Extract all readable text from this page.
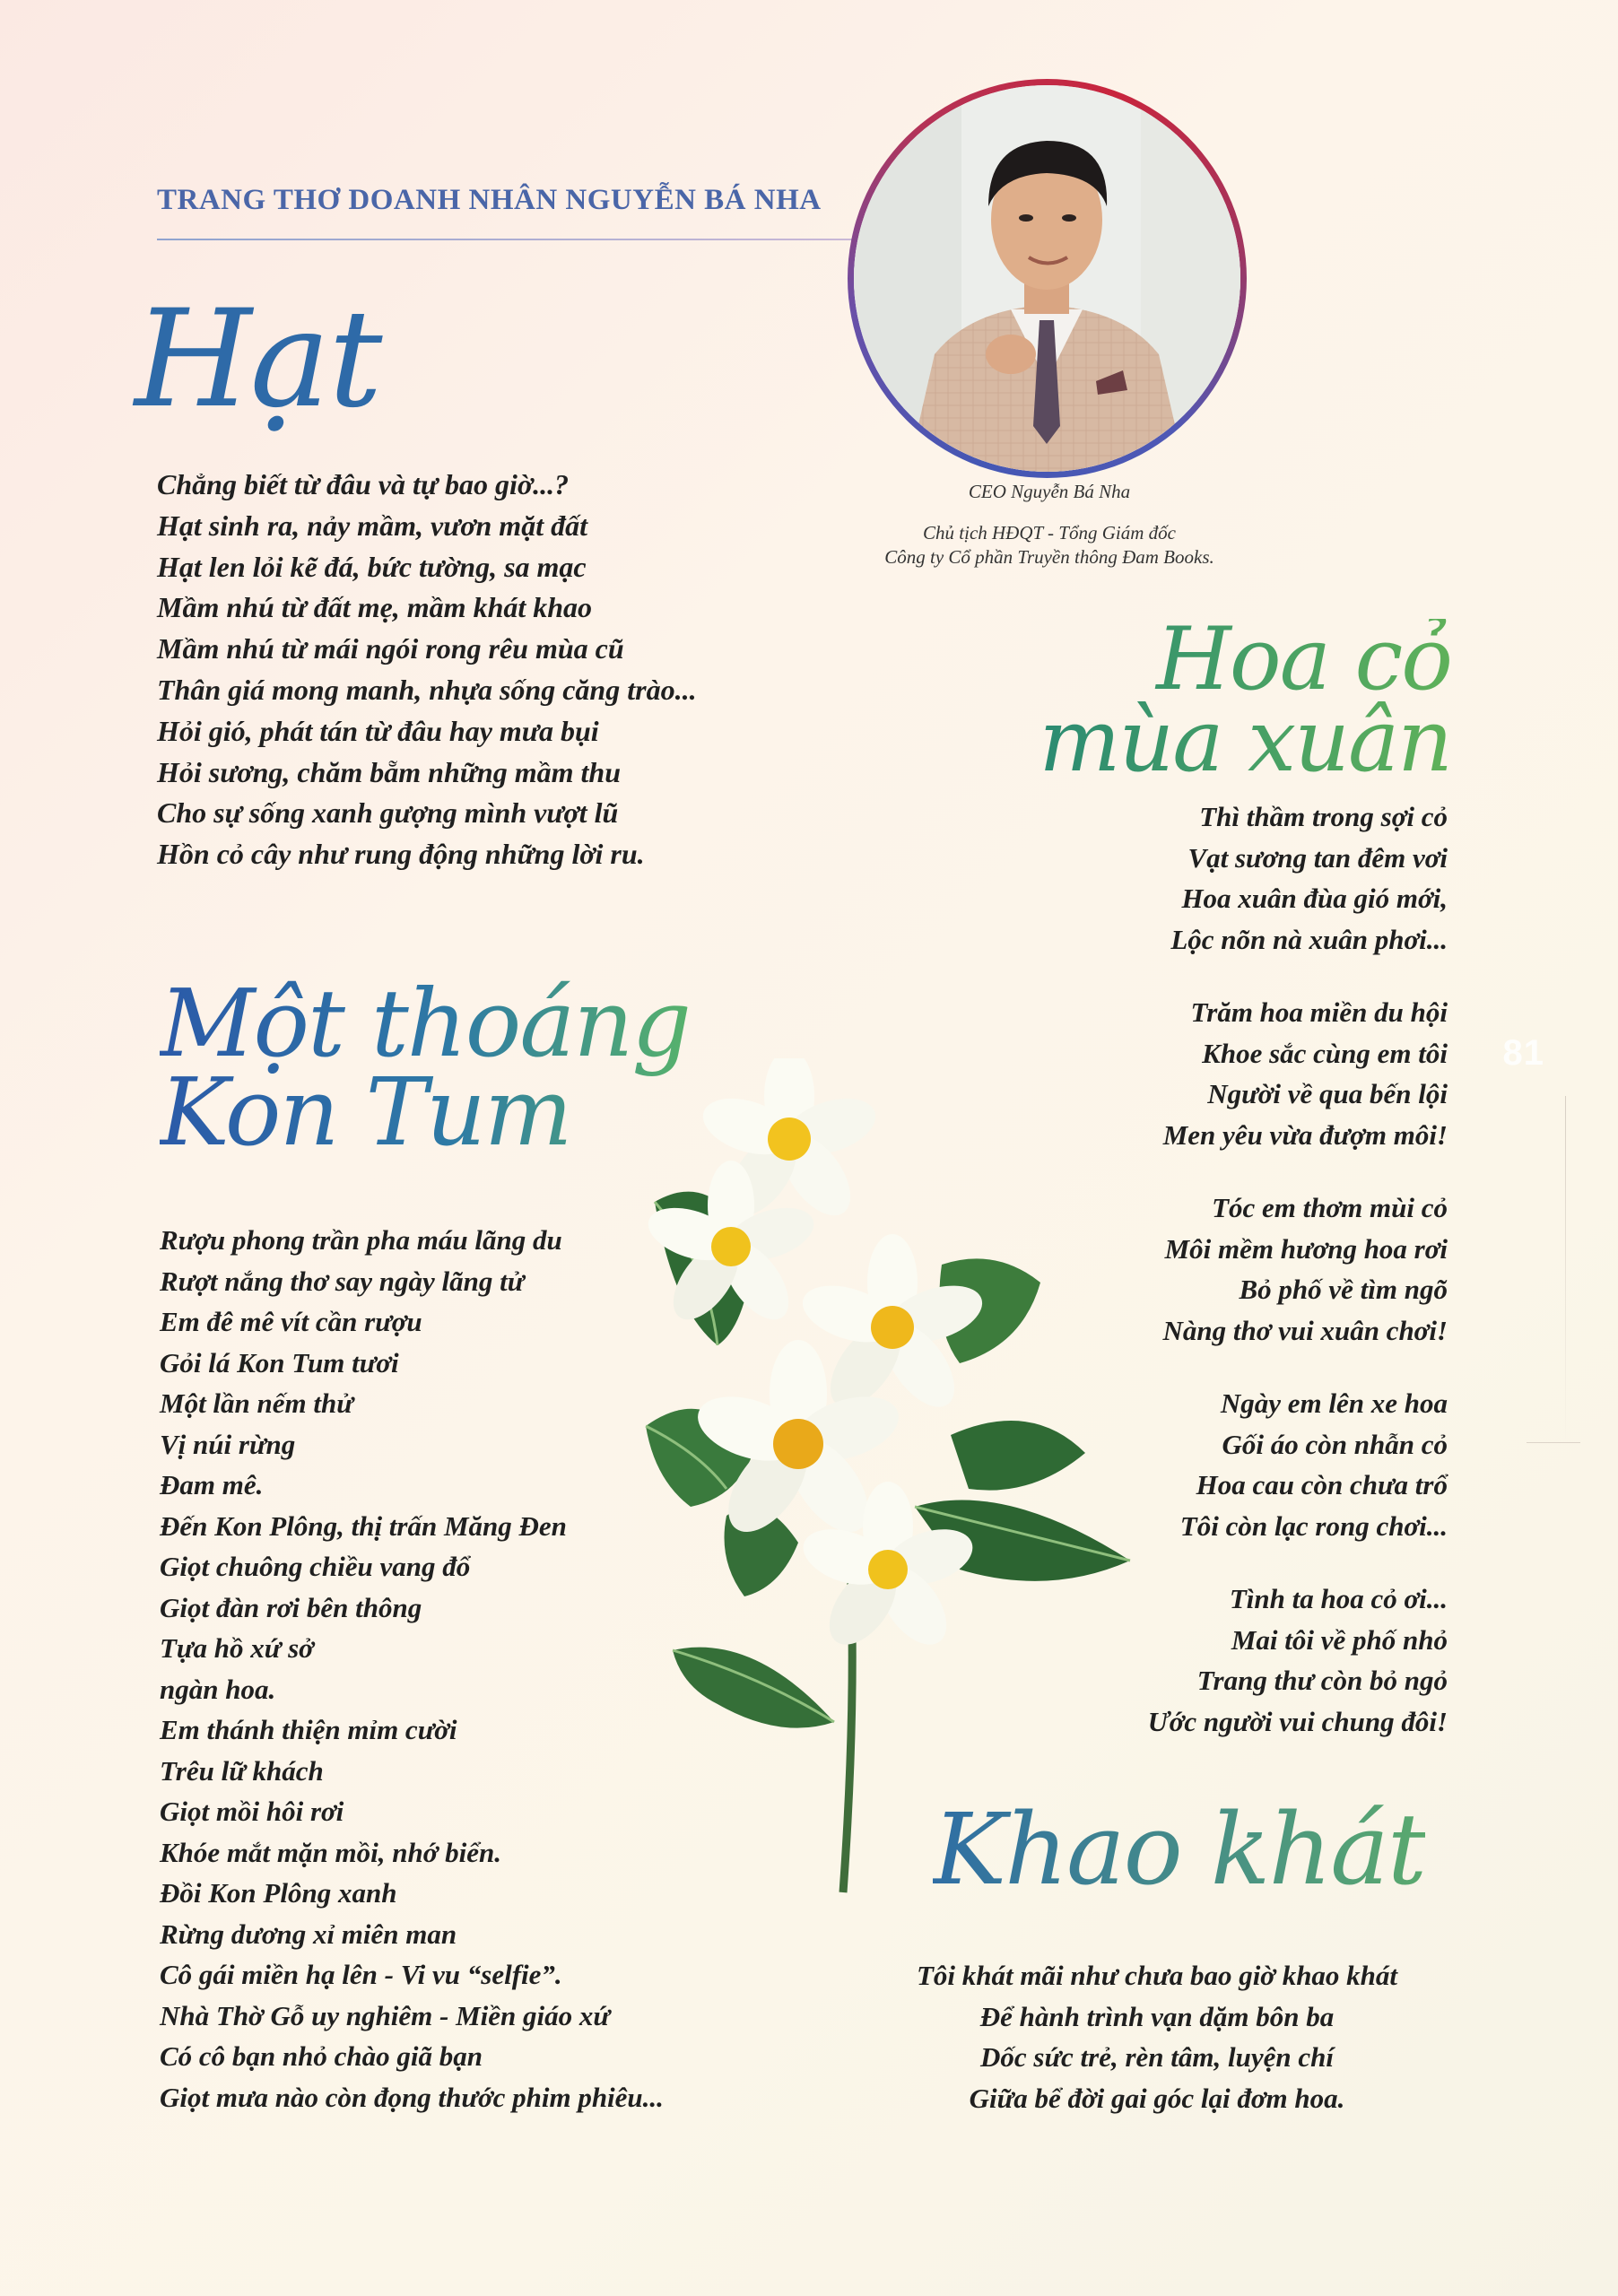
TRANG THƠ DOANH NHÂN NGUYỄN BÁ NHA
CEO Nguyễn Bá Nha
Chủ tịch HĐQT - Tổng Giám đốc
Công ty Cổ phần Truyền thông Đam Books.
Hạt
Chẳng biết từ đâu và tự bao giờ...?
Hạt sinh ra, nảy mầm, vươn mặt đất
Hạt len lỏi kẽ đá, bức tường, sa mạc
Mầm nhú từ đất mẹ, mầm khát khao
Mầm nhú từ mái ngói rong rêu mùa cũ
Thân giá mong manh, nhựa sống căng trào...
Hỏi gió, phát tán từ đâu hay mưa bụi
Hỏi sương, chăm bẵm những mầm thu
Cho sự sống xanh gượng mình vượt lũ
Hồn cỏ cây như rung động những lời ru.
Hoa cỏ
mùa xuân
Thì thầm trong sợi cỏ
Vạt sương tan đêm vơi
Hoa xuân đùa gió mới,
Lộc nõn nà xuân phơi...
Trăm hoa miền du hội
Khoe sắc cùng em tôi
Người về qua bến lội
Men yêu vừa đượm môi!
Tóc em thơm mùi cỏ
Môi mềm hương hoa rơi
Bỏ phố về tìm ngõ
Nàng thơ vui xuân chơi!
Ngày em lên xe hoa
Gối áo còn nhẫn cỏ
Hoa cau còn chưa trổ
Tôi còn lạc rong chơi...
Tình ta hoa cỏ ơi...
Mai tôi về phố nhỏ
Trang thư còn bỏ ngỏ
Ước người vui chung đôi!
81
Một thoáng
Kon Tum
Rượu phong trần pha máu lãng du
Rượt nắng thơ say ngày lãng tử
Em đê mê vít cần rượu
Gỏi lá Kon Tum tươi
Một lần nếm thử
Vị núi rừng
Đam mê.
Đến Kon Plông, thị trấn Măng Đen
Giọt chuông chiều vang đổ
Giọt đàn rơi bên thông
Tựa hồ xứ sở
ngàn hoa.
Em thánh thiện mỉm cười
Trêu lữ khách
Giọt mồi hôi rơi
Khóe mắt mặn mồi, nhớ biển.
Đồi Kon Plông xanh
Rừng dương xỉ miên man
Cô gái miền hạ lên - Vi vu “selfie”.
Nhà Thờ Gỗ uy nghiêm - Miền giáo xứ
Có cô bạn nhỏ chào giã bạn
Giọt mưa nào còn đọng thước phim phiêu...
Khao khát
Tôi khát mãi như chưa bao giờ khao khát
Để hành trình vạn dặm bôn ba
Dốc sức trẻ, rèn tâm, luyện chí
Giữa bể đời gai góc lại đơm hoa.
